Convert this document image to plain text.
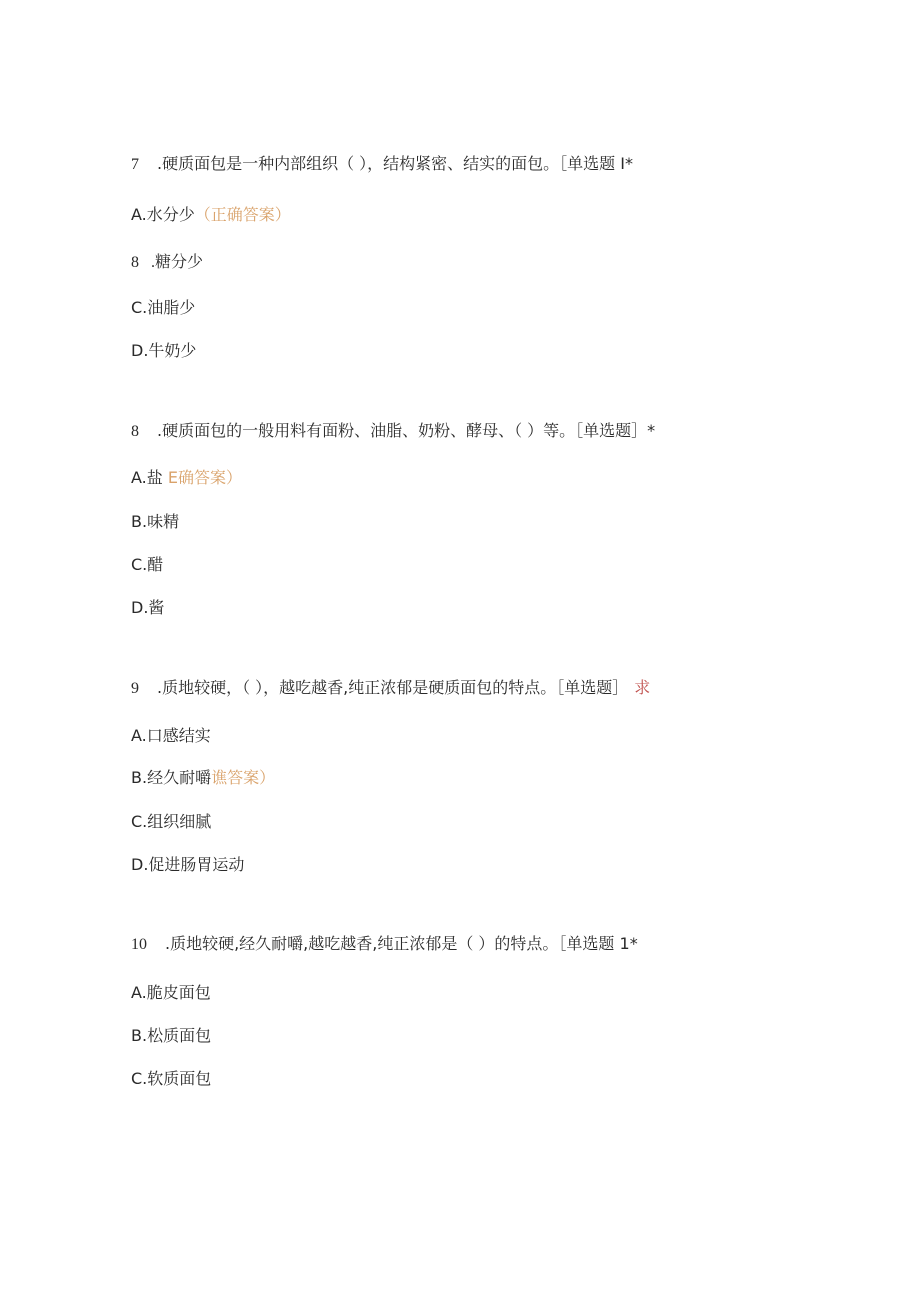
7 .硬质面包是一种内部组织（ ），结构紧密、结实的面包。［单选题 I*
A.水分少（正确答案）
8   .糖分少
C.油脂少
D.牛奶少
8 .硬质面包的一般用料有面粉、油脂、奶粉、酵母、（ ）等。［单选题］*
A.盐 E确答案）
B.味精
C.醋
D.酱
9 .质地较硬，（ ），越吃越香,纯正浓郁是硬质面包的特点。［单选题］ 求
A.口感结实
B.经久耐嚼谯答案）
C.组织细腻
D.促进肠胃运动
10 .质地较硬,经久耐嚼,越吃越香,纯正浓郁是（ ）的特点。［单选题 1*
A.脆皮面包
B.松质面包
C.软质面包
